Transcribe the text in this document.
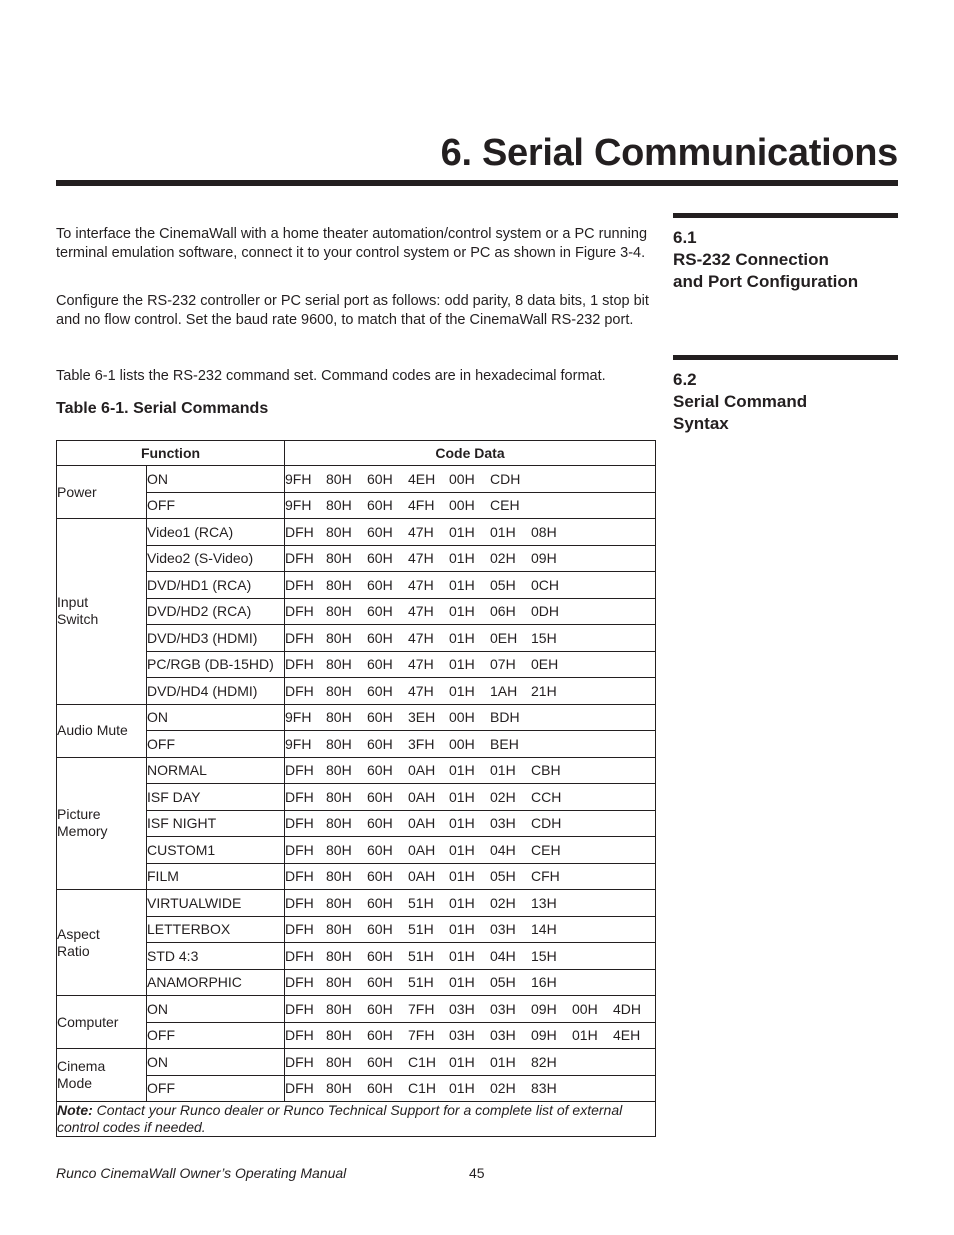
6. Serial Communications

To interface the CinemaWall with a home theater automation/control system or a PC running terminal emulation software, connect it to your control system or PC as shown in Figure 3-4.

Configure the RS-232 controller or PC serial port as follows: odd parity, 8 data bits, 1 stop bit and no flow control. Set the baud rate 9600, to match that of the CinemaWall RS-232 port.

Table 6-1 lists the RS-232 command set. Command codes are in hexadecimal format.

6.1
RS-232 Connection
and Port Configuration
6.2
Serial Command
Syntax

Table 6-1. Serial Commands

Function		Code Data

Power	ON	9FH 80H 60H 4EH 00H CDH
	OFF	9FH 80H 60H 4FH 00H CEH

Input
Switch	Video1 (RCA)	DFH 80H 60H 47H 01H 01H 08H
	Video2 (S-Video)	DFH 80H 60H 47H 01H 02H 09H
	DVD/HD1 (RCA)	DFH 80H 60H 47H 01H 05H 0CH
	DVD/HD2 (RCA)	DFH 80H 60H 47H 01H 06H 0DH
	DVD/HD3 (HDMI)	DFH 80H 60H 47H 01H 0EH 15H
	PC/RGB (DB-15HD)	DFH 80H 60H 47H 01H 07H 0EH
	DVD/HD4 (HDMI)	DFH 80H 60H 47H 01H 1AH 21H

Audio Mute	ON	9FH 80H 60H 3EH 00H BDH
	OFF	9FH 80H 60H 3FH 00H BEH

Picture
Memory	NORMAL	DFH 80H 60H 0AH 01H 01H CBH
	ISF DAY	DFH 80H 60H 0AH 01H 02H CCH
	ISF NIGHT	DFH 80H 60H 0AH 01H 03H CDH
	CUSTOM1	DFH 80H 60H 0AH 01H 04H CEH
	FILM	DFH 80H 60H 0AH 01H 05H CFH

Aspect
Ratio	VIRTUALWIDE	DFH 80H 60H 51H 01H 02H 13H
	LETTERBOX	DFH 80H 60H 51H 01H 03H 14H
	STD 4:3	DFH 80H 60H 51H 01H 04H 15H
	ANAMORPHIC	DFH 80H 60H 51H 01H 05H 16H

Computer	ON	DFH 80H 60H 7FH 03H 03H 09H 00H 4DH
	OFF	DFH 80H 60H 7FH 03H 03H 09H 01H 4EH

Cinema
Mode	ON	DFH 80H 60H C1H 01H 01H 82H
	OFF	DFH 80H 60H C1H 01H 02H 83H
Note: Contact your Runco dealer or Runco Technical Support for a complete list of external control codes if needed.		

Runco CinemaWall Owner’s Operating Manual	45
